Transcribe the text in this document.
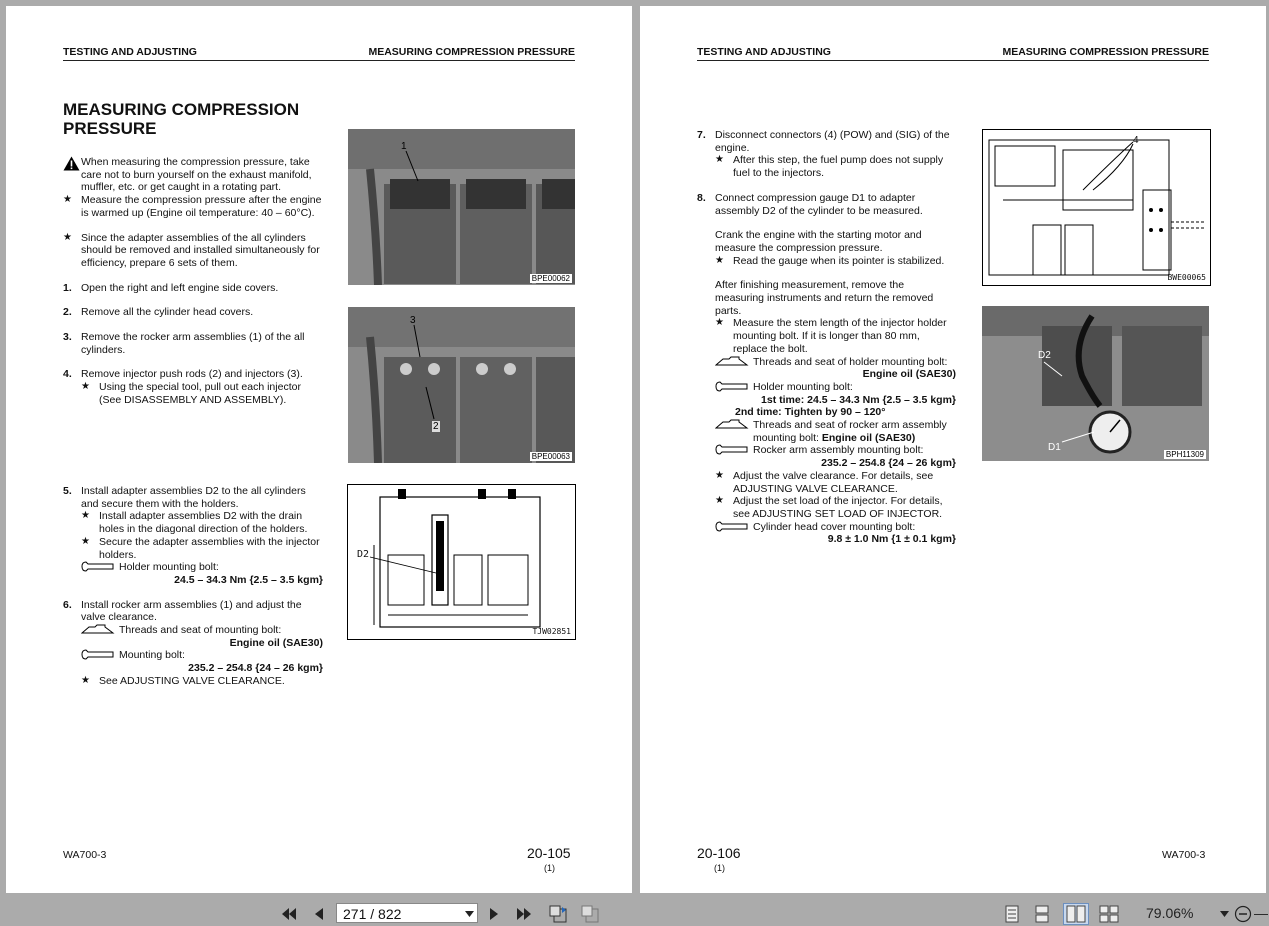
TESTING AND ADJUSTING	MEASURING COMPRESSION PRESSURE
MEASURING COMPRESSION PRESSURE

When measuring the compression pressure, take care not to burn yourself on the exhaust manifold, muffler, etc. or get caught in a rotating part.

★ Measure the compression pressure after the engine is warmed up (Engine oil temperature: 40 – 60°C).

★ Since the adapter assemblies of the all cylinders should be removed and installed simultaneously for efficiency, prepare 6 sets of them.

1. Open the right and left engine side covers.

2. Remove all the cylinder head covers.

3. Remove the rocker arm assemblies (1) of the all cylinders.

4. Remove injector push rods (2) and injectors (3).

★ Using the special tool, pull out each injector (See DISASSEMBLY AND ASSEMBLY).

5. Install adapter assemblies D2 to the all cylinders and secure them with the holders.

★ Install adapter assemblies D2 with the drain holes in the diagonal direction of the holders.

★ Secure the adapter assemblies with the injector holders.

Holder mounting bolt:

24.5 – 34.3 Nm {2.5 – 3.5 kgm}

6. Install rocker arm assemblies (1) and adjust the valve clearance.

Threads and seat of mounting bolt:

Engine oil (SAE30)

Mounting bolt:

235.2 – 254.8 {24 – 26 kgm}

★ See ADJUSTING VALVE CLEARANCE.

1
BPE00062
3
2
BPE00063
D2
TJW02851
WA700-3	20-105
(1)
TESTING AND ADJUSTING	MEASURING COMPRESSION PRESSURE

7. Disconnect connectors (4) (POW) and (SIG) of the engine.

★ After this step, the fuel pump does not supply fuel to the injectors.

8. Connect compression gauge D1 to adapter assembly D2 of the cylinder to be measured.

Crank the engine with the starting motor and measure the compression pressure.

★ Read the gauge when its pointer is stabilized.

After finishing measurement, remove the measuring instruments and return the removed parts.

★ Measure the stem length of the injector holder mounting bolt. If it is longer than 80 mm, replace the bolt.

Threads and seat of holder mounting bolt:

Engine oil (SAE30)

Holder mounting bolt:

1st time: 24.5 – 34.3 Nm {2.5 – 3.5 kgm}

2nd time: Tighten by 90 – 120°

Threads and seat of rocker arm assembly mounting bolt: Engine oil (SAE30)

Rocker arm assembly mounting bolt:

235.2 – 254.8 {24 – 26 kgm}

★ Adjust the valve clearance. For details, see ADJUSTING VALVE CLEARANCE.

★ Adjust the set load of the injector. For details, see ADJUSTING SET LOAD OF INJECTOR.

Cylinder head cover mounting bolt:

9.8 ± 1.0 Nm {1 ± 0.1 kgm}

4
BWE00065
D2
D1
BPH11309
20-106
(1)
WA700-3
271 / 822	79.06%	—
